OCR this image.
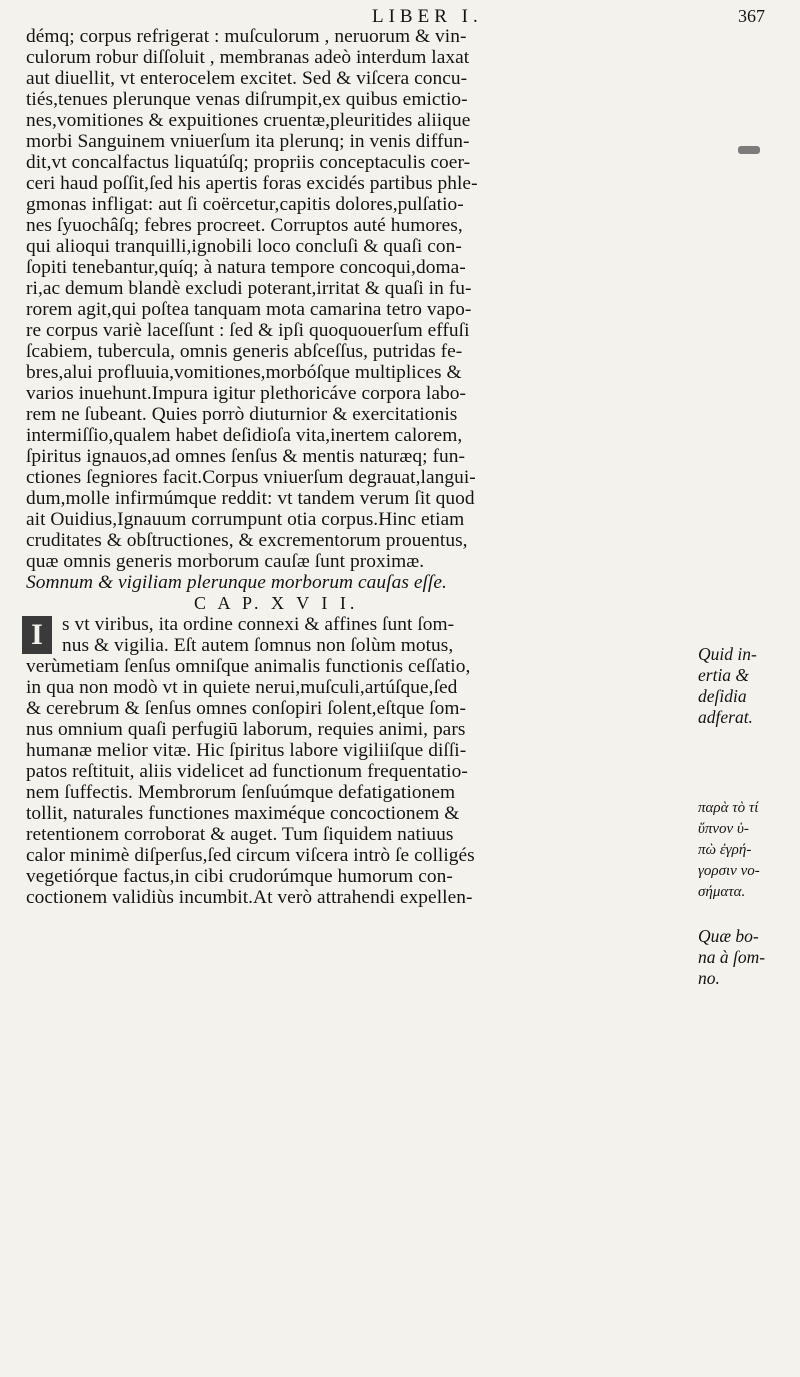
LIBER I.	367
démq; corpus refrigerat : muſculorum , neruorum & vin-
culorum robur diſſoluit , membranas adeò interdum laxat
aut diuellit, vt enterocelem excitet. Sed & viſcera concu-
tiés,tenues plerunque venas diſrumpit,ex quibus emictio-
nes,vomitiones & expuitiones cruentæ,pleuritides aliique
morbi Sanguinem vniuerſum ita plerunq; in venis diffun-
dit,vt concalfactus liquatúſq; propriis conceptaculis coer-
ceri haud poſſit,ſed his apertis foras excidés partibus phle-
gmonas infligat: aut ſi coërcetur,capitis dolores,pulſatio-
nes ſyuochâſq; febres procreet. Corruptos auté humores,
qui alioqui tranquilli,ignobili loco concluſi & quaſi con-
ſopiti tenebantur,quíq; à natura tempore concoqui,doma-
ri,ac demum blandè excludi poterant,irritat & quaſi in fu-
rorem agit,qui poſtea tanquam mota camarina tetro vapo-
re corpus variè laceſſunt : ſed & ipſi quoquouerſum effuſi
ſcabiem, tubercula, omnis generis abſceſſus, putridas fe-
bres,alui profluuia,vomitiones,morbóſque multiplices &
varios inuehunt.Impura igitur plethoricáve corpora labo-
rem ne ſubeant. Quies porrò diuturnior & exercitationis
intermiſſio,qualem habet deſidioſa vita,inertem calorem,
ſpiritus ignauos,ad omnes ſenſus & mentis naturæq; fun-
ctiones ſegniores facit.Corpus vniuerſum degrauat,langui-
dum,molle infirmúmque reddit: vt tandem verum ſit quod
ait Ouidius,Ignauum corrumpunt otia corpus.Hinc etiam
cruditates & obſtructiones, & excrementorum prouentus,
quæ omnis generis morborum cauſæ ſunt proximæ.
Somnum & vigiliam plerunque morborum cauſas eſſe.
C A P. X V I I.
I s vt viribus, ita ordine connexi & affines ſunt ſom-
nus & vigilia. Eſt autem ſomnus non ſolùm motus,
verùmetiam ſenſus omniſque animalis functionis ceſſatio,
in qua non modò vt in quiete nerui,muſculi,artúſque,ſed
& cerebrum & ſenſus omnes conſopiri ſolent,eſtque ſom-
nus omnium quaſi perfugiū laborum, requies animi, pars
humanæ melior vitæ. Hic ſpiritus labore vigiliiſque diſſi-
patos reſtituit, aliis videlicet ad functionum frequentatio-
nem ſuffectis. Membrorum ſenſuúmque defatigationem
tollit, naturales functiones maximéque concoctionem &
retentionem corroborat & auget. Tum ſiquidem natiuus
calor minimè diſperſus,ſed circum viſcera intrò ſe colligés
vegetiórque factus,in cibi crudorúmque humorum con-
coctionem validiùs incumbit.At verò attrahendi expellen-
Quid in-
ertia &
deſidia
adferat.
παρὰ τὸ τί
ὕπνον ὑ-
πὼ ἐγρή-
γορσιν νο-
σήματα.
Quæ bo-
na à ſom-
no.
